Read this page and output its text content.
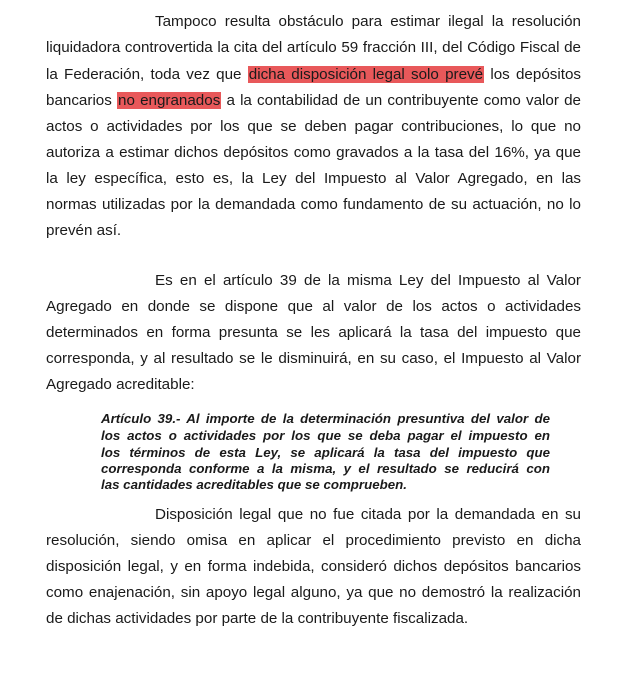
Tampoco resulta obstáculo para estimar ilegal la resolución
liquidadora controvertida la cita del artículo 59 fracción III, del Código Fiscal de
la Federación, toda vez que dicha disposición legal solo prevé los depósitos
bancarios no engranados a la contabilidad de un contribuyente como valor de
actos o actividades por los que se deben pagar contribuciones, lo que no
autoriza a estimar dichos depósitos como gravados a la tasa del 16%, ya que
la ley específica, esto es, la Ley del Impuesto al Valor Agregado, en las
normas utilizadas por la demandada como fundamento de su actuación, no lo
prevén así.
Es en el artículo 39 de la misma Ley del Impuesto al Valor
Agregado en donde se dispone que al valor de los actos o actividades
determinados en forma presunta se les aplicará la tasa del impuesto que
corresponda, y al resultado se le disminuirá, en su caso, el Impuesto al Valor
Agregado acreditable:
Artículo 39.- Al importe de la determinación presuntiva del valor de
los actos o actividades por los que se deba pagar el impuesto en
los términos de esta Ley, se aplicará la tasa del impuesto que
corresponda conforme a la misma, y el resultado se reducirá con
las cantidades acreditables que se comprueben.
Disposición legal que no fue citada por la demandada en su
resolución, siendo omisa en aplicar el procedimiento previsto en dicha
disposición legal, y en forma indebida, consideró dichos depósitos bancarios
como enajenación, sin apoyo legal alguno, ya que no demostró la realización
de dichas actividades por parte de la contribuyente fiscalizada.
